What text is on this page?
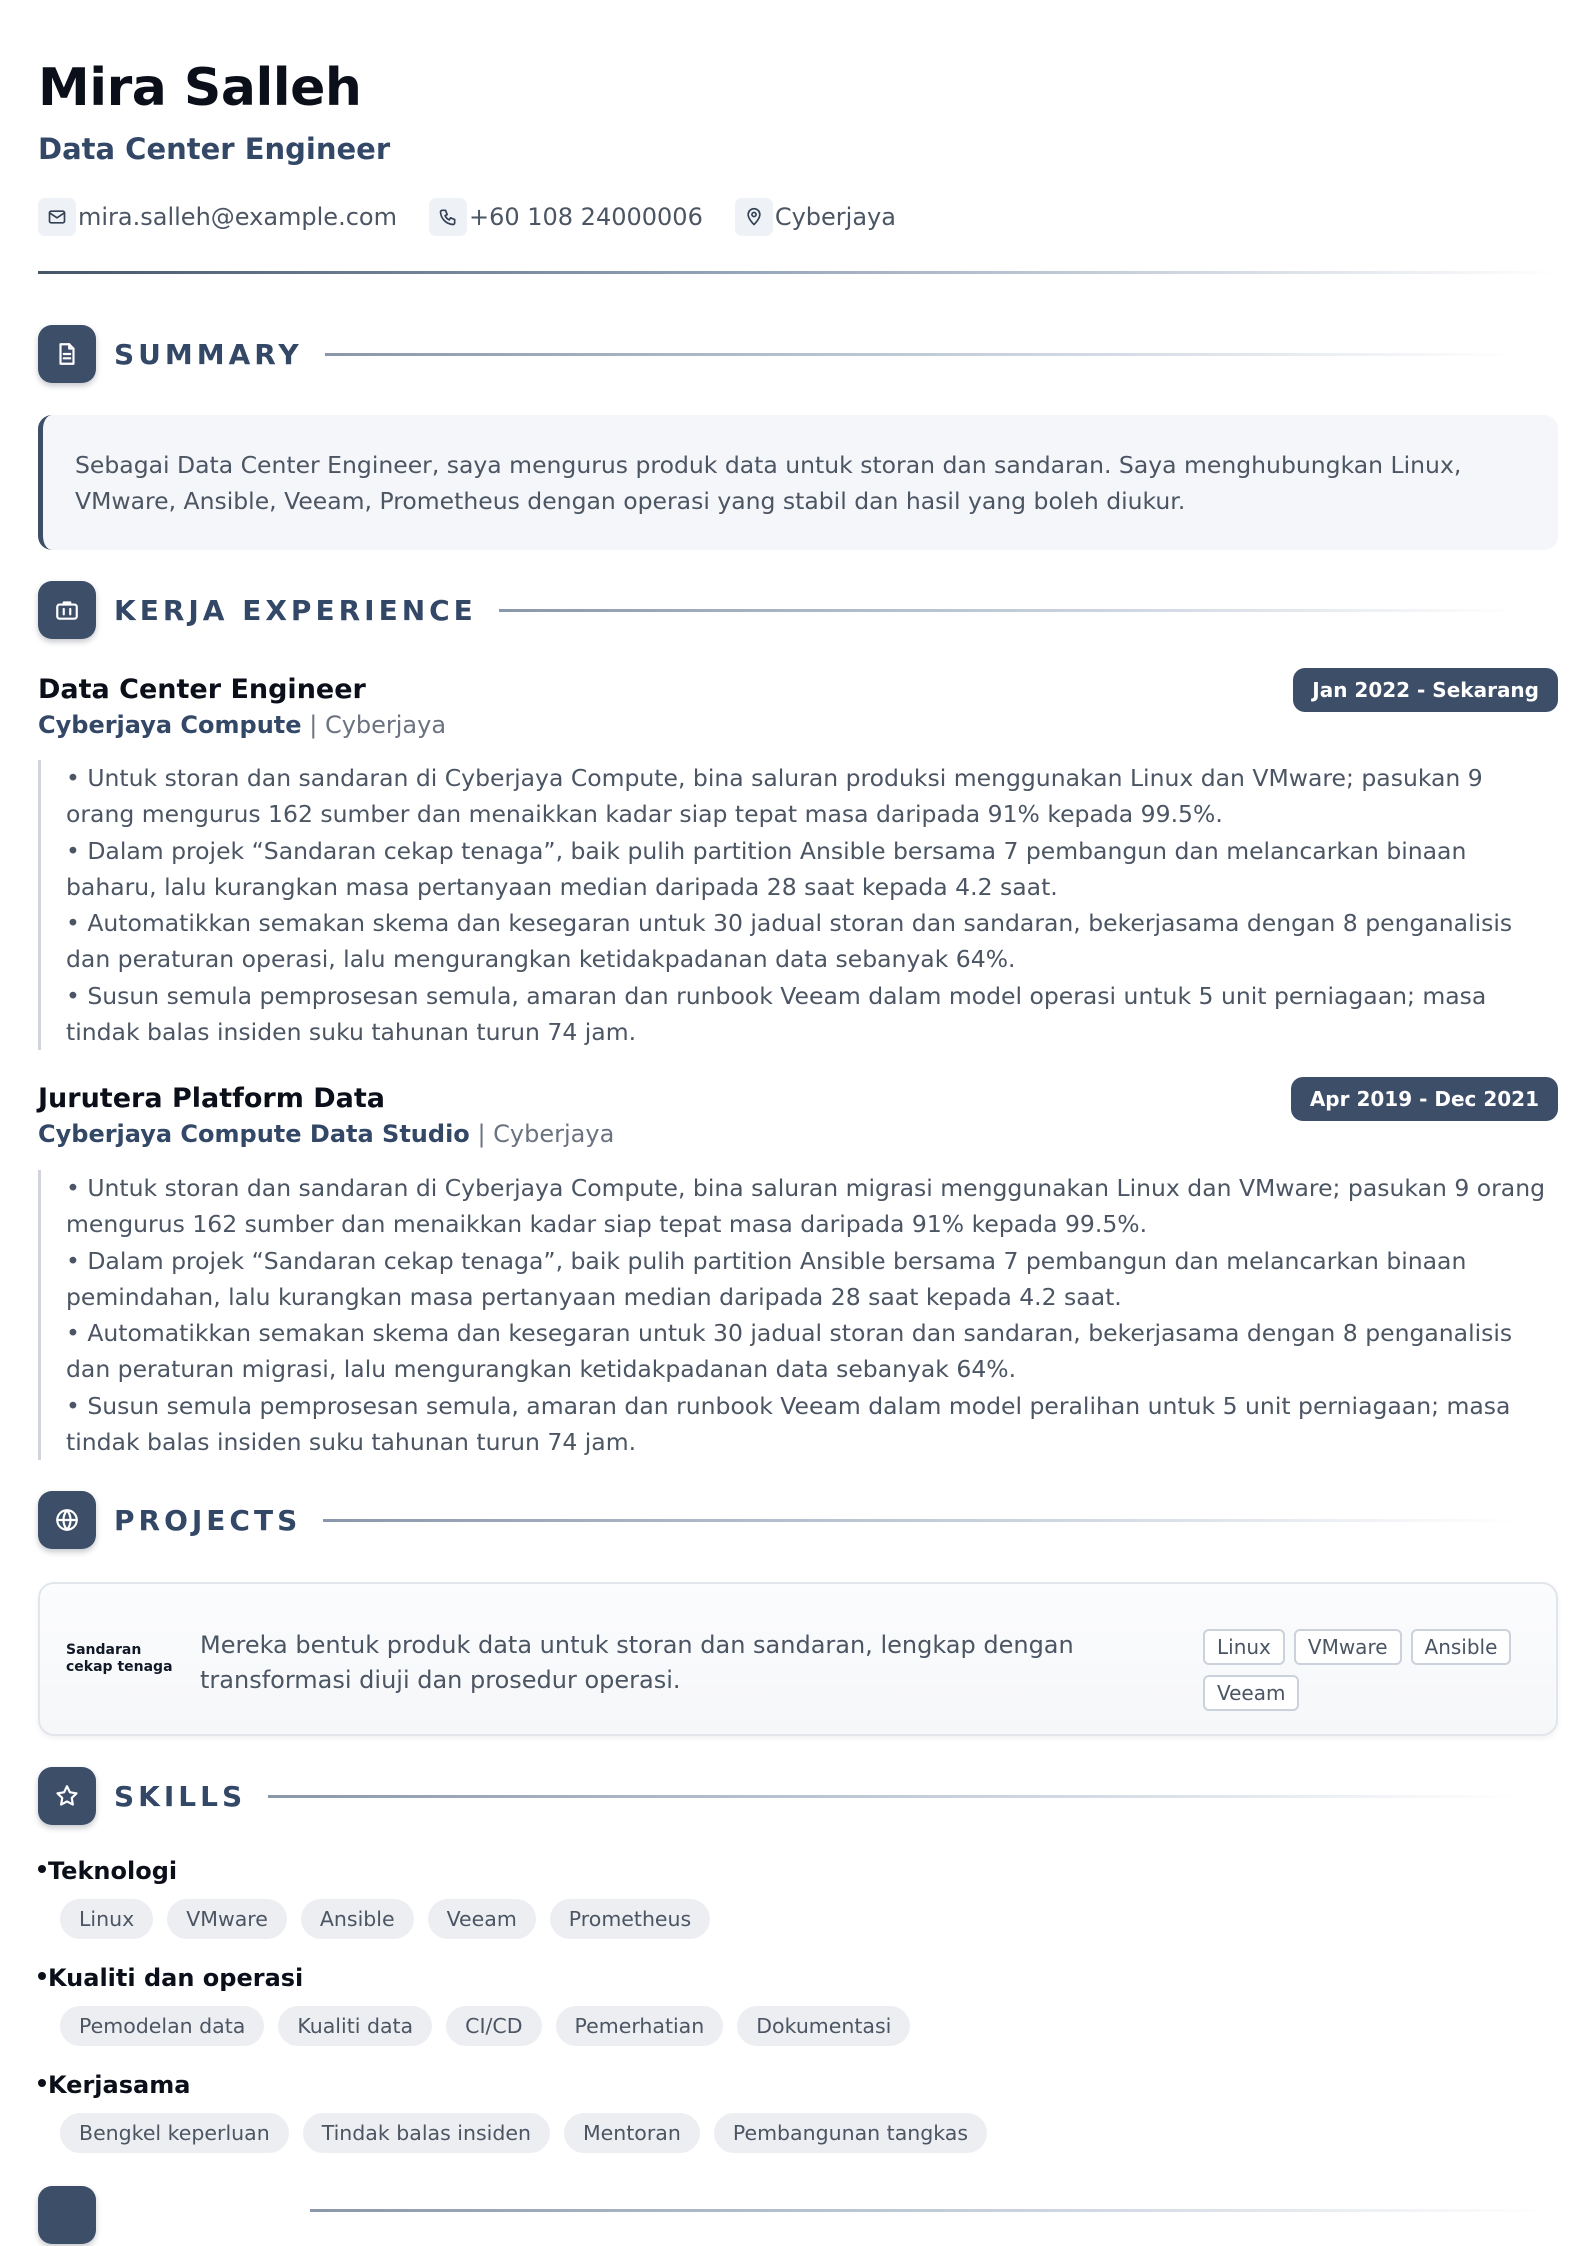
Mira Salleh
Data Center Engineer
mira.salleh@example.com	+60 108 24000006	Cyberjaya
SUMMARY
Sebagai Data Center Engineer, saya mengurus produk data untuk storan dan sandaran. Saya menghubungkan Linux, VMware, Ansible, Veeam, Prometheus dengan operasi yang stabil dan hasil yang boleh diukur.
KERJA EXPERIENCE
Data Center Engineer
Cyberjaya Compute | Cyberjaya
Jan 2022 - Sekarang
• Untuk storan dan sandaran di Cyberjaya Compute, bina saluran produksi menggunakan Linux dan VMware; pasukan 9 orang mengurus 162 sumber dan menaikkan kadar siap tepat masa daripada 91% kepada 99.5%.
• Dalam projek “Sandaran cekap tenaga”, baik pulih partition Ansible bersama 7 pembangun dan melancarkan binaan baharu, lalu kurangkan masa pertanyaan median daripada 28 saat kepada 4.2 saat.
• Automatikkan semakan skema dan kesegaran untuk 30 jadual storan dan sandaran, bekerjasama dengan 8 penganalisis dan peraturan operasi, lalu mengurangkan ketidakpadanan data sebanyak 64%.
• Susun semula pemprosesan semula, amaran dan runbook Veeam dalam model operasi untuk 5 unit perniagaan; masa tindak balas insiden suku tahunan turun 74 jam.
Jurutera Platform Data
Cyberjaya Compute Data Studio | Cyberjaya
Apr 2019 - Dec 2021
• Untuk storan dan sandaran di Cyberjaya Compute, bina saluran migrasi menggunakan Linux dan VMware; pasukan 9 orang mengurus 162 sumber dan menaikkan kadar siap tepat masa daripada 91% kepada 99.5%.
• Dalam projek “Sandaran cekap tenaga”, baik pulih partition Ansible bersama 7 pembangun dan melancarkan binaan pemindahan, lalu kurangkan masa pertanyaan median daripada 28 saat kepada 4.2 saat.
• Automatikkan semakan skema dan kesegaran untuk 30 jadual storan dan sandaran, bekerjasama dengan 8 penganalisis dan peraturan migrasi, lalu mengurangkan ketidakpadanan data sebanyak 64%.
• Susun semula pemprosesan semula, amaran dan runbook Veeam dalam model peralihan untuk 5 unit perniagaan; masa tindak balas insiden suku tahunan turun 74 jam.
PROJECTS
Sandaran cekap tenaga
Mereka bentuk produk data untuk storan dan sandaran, lengkap dengan transformasi diuji dan prosedur operasi.
Linux VMware AnsibleVeeam
SKILLS
Teknologi
Linux	VMware	Ansible	Veeam	Prometheus
Kualiti dan operasi
Pemodelan data	Kualiti data	CI/CD	Pemerhatian	Dokumentasi
Kerjasama
Bengkel keperluan	Tindak balas insiden	Mentoran	Pembangunan tangkas
